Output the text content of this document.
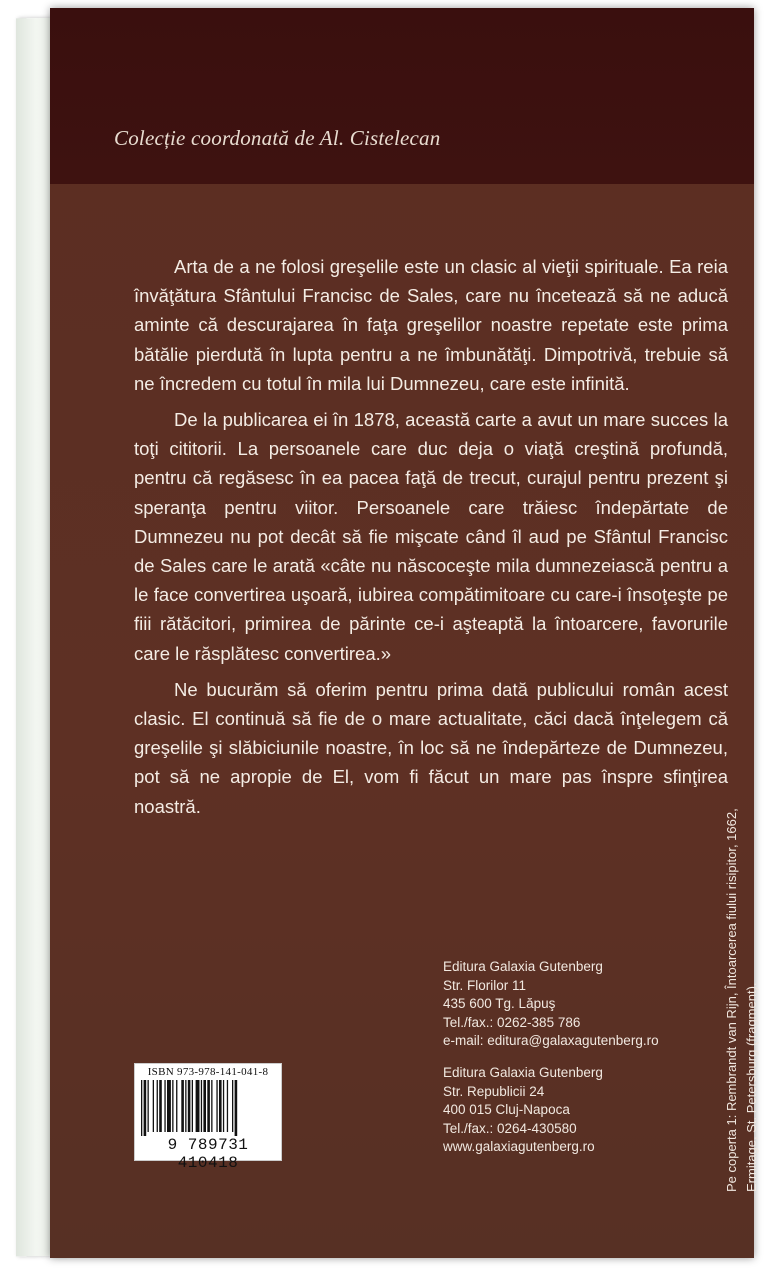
Colecție coordonată de Al. Cistelecan

Arta de a ne folosi greşelile este un clasic al vieţii spirituale. Ea reia învăţătura Sfântului Francisc de Sales, care nu încetează să ne aducă aminte că descurajarea în faţa greşelilor noastre repetate este prima bătălie pierdută în lupta pentru a ne îmbunătăţi. Dimpotrivă, trebuie să ne încredem cu totul în mila lui Dumnezeu, care este infinită.

De la publicarea ei în 1878, această carte a avut un mare succes la toţi cititorii. La persoanele care duc deja o viaţă creştină profundă, pentru că regăsesc în ea pacea faţă de trecut, curajul pentru prezent şi speranţa pentru viitor. Persoanele care trăiesc îndepărtate de Dumnezeu nu pot decât să fie mişcate când îl aud pe Sfântul Francisc de Sales care le arată «câte nu născoceşte mila dumnezeiască pentru a le face convertirea uşoară, iubirea compătimitoare cu care-i însoţeşte pe fiii rătăcitori, primirea de părinte ce-i aşteaptă la întoarcere, favorurile care le răsplătesc convertirea.»

Ne bucurăm să oferim pentru prima dată publicului român acest clasic. El continuă să fie de o mare actualitate, căci dacă înţelegem că greşelile şi slăbiciunile noastre, în loc să ne îndepărteze de Dumnezeu, pot să ne apropie de El, vom fi făcut un mare pas înspre sfinţirea noastră.

Editura Galaxia Gutenberg
Str. Florilor 11
435 600 Tg. Lăpuş
Tel./fax.: 0262-385 786
e-mail: editura@galaxagutenberg.ro
Editura Galaxia Gutenberg
Str. Republicii 24
400 015 Cluj-Napoca
Tel./fax.: 0264-430580
www.galaxiagutenberg.ro	Pe coperta 1: Rembrandt van Rijn, Întoarcerea fiului risipitor, 1662, Ermitage, St. Petersburg (fragment).
ISBN 973-978-141-041-8
9 789731 410418
